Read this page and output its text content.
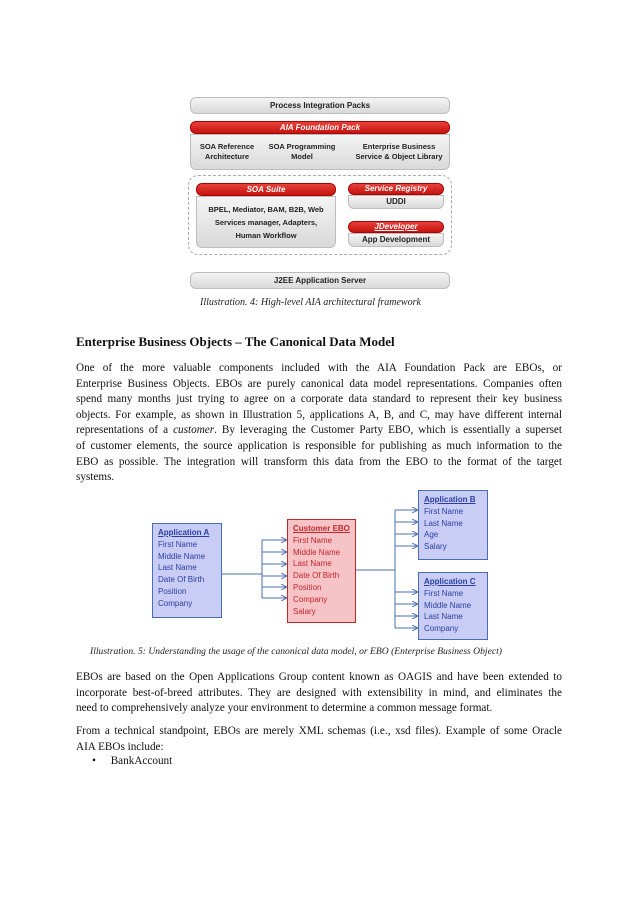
Process Integration Packs
AIA Foundation Pack
SOA Reference
Architecture
SOA Programming
Model
Enterprise Business
Service & Object Library
SOA Suite
BPEL, Mediator, BAM, B2B, Web
Services manager, Adapters,
Human Workflow
Service Registry
UDDI
JDeveloper
App Development
J2EE Application Server
Illustration. 4: High-level AIA architectural framework
Enterprise Business Objects – The Canonical Data Model
One of the more valuable components included with the AIA Foundation Pack are EBOs, or
Enterprise Business Objects. EBOs are purely canonical data model representations. Companies often
spend many months just trying to agree on a corporate data standard to represent their key business
objects. For example, as shown in Illustration 5, applications A, B, and C, may have different internal
representations of a customer. By leveraging the Customer Party EBO, which is essentially a superset
of customer elements, the source application is responsible for publishing as much information to the
EBO as possible. The integration will transform this data from the EBO to the format of the target
systems.
Application A
First Name
Middle Name
Last Name
Date Of Birth
Position
Company
Customer EBO
First Name
Middle Name
Last Name
Date Of Birth
Position
Company
Salary
Application B
First Name
Last Name
Age
Salary
Application C
First Name
Middle Name
Last Name
Company
Illustration. 5: Understanding the usage of the canonical data model, or EBO (Enterprise Business Object)
EBOs are based on the Open Applications Group content known as OAGIS and have been extended to
incorporate best-of-breed attributes. They are designed with extensibility in mind, and eliminates the
need to comprehensively analyze your environment to determine a common message format.
From a technical standpoint, EBOs are merely XML schemas (i.e., xsd files). Example of some Oracle
AIA EBOs include:
• BankAccount
